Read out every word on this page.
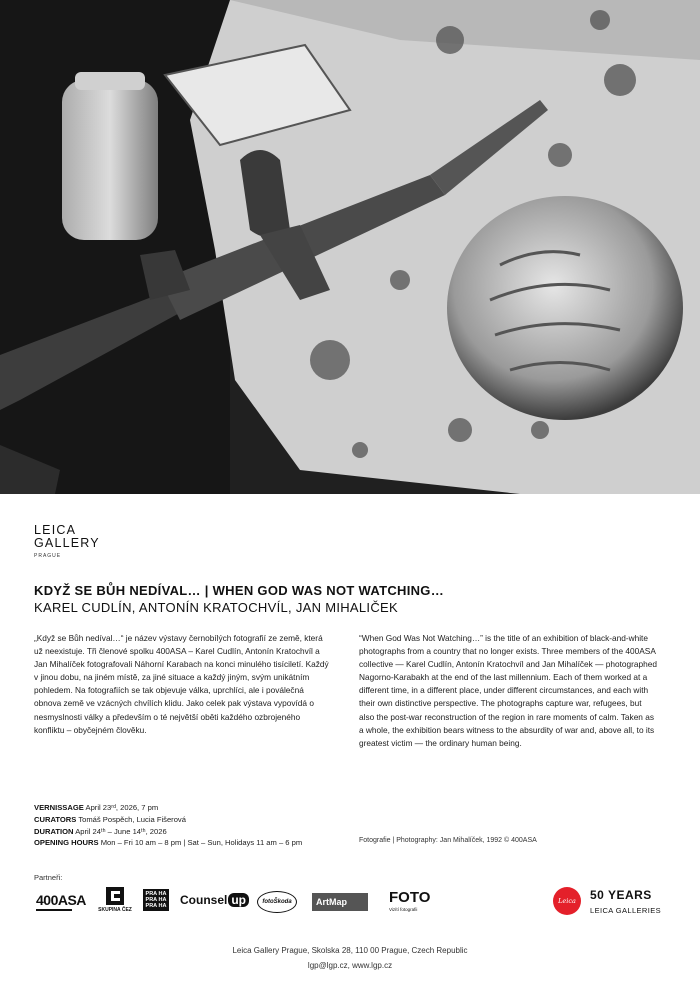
LEICA
GALLERY
PRAGUE
KDYŽ SE BŮH NEDÍVAL… | WHEN GOD WAS NOT WATCHING…
KAREL CUDLÍN, ANTONÍN KRATOCHVÍL, JAN MIHALIČEK
„Když se Bůh nedíval…“ je název výstavy černobílých fotografií ze země, která už neexistuje. Tři členové spolku 400ASA – Karel Cudlín, Antonín Kratochvíl a Jan Mihalíček fotografovali Náhorní Karabach na konci minulého tisíciletí. Každý v jinou dobu, na jiném místě, za jiné situace a každý jiným, svým unikátním pohledem. Na fotografiích se tak objevuje válka, uprchlíci, ale i poválečná obnova země ve vzácných chvílích klidu. Jako celek pak výstava vypovídá o nesmyslnosti války a především o té největší oběti každého ozbrojeného konfliktu – obyčejném člověku.
“When God Was Not Watching…” is the title of an exhibition of black-and-white photographs from a country that no longer exists. Three members of the 400ASA collective — Karel Cudlín, Antonín Kratochvíl and Jan Mihalíček — photographed Nagorno-Karabakh at the end of the last millennium. Each of them worked at a different time, in a different place, under different circumstances, and each with their own distinctive perspective. The photographs capture war, refugees, but also the post-war reconstruction of the region in rare moments of calm. Taken as a whole, the exhibition bears witness to the absurdity of war and, above all, to its greatest victim — the ordinary human being.
VERNISSAGE April 23ʳᵈ, 2026, 7 pm
CURATORS Tomáš Pospěch, Lucia Fišerová
DURATION April 24ᵗʰ – June 14ᵗʰ, 2026
OPENING HOURS Mon – Fri 10 am – 8 pm | Sat – Sun, Holidays 11 am – 6 pm	Fotografie | Photography: Jan Mihalíček, 1992 © 400ASA
Partneři:
400ASA
SKUPINA ČEZ
PRA HA
PRA HA
PRA HA Counsel up	fotoŠkoda	ArtMap	FOTO
Vizítí fotografii
Leica	50 YEARS
LEICA GALLERIES
Leica Gallery Prague, Skolska 28, 110 00 Prague, Czech Republic
lgp@lgp.cz, www.lgp.cz
